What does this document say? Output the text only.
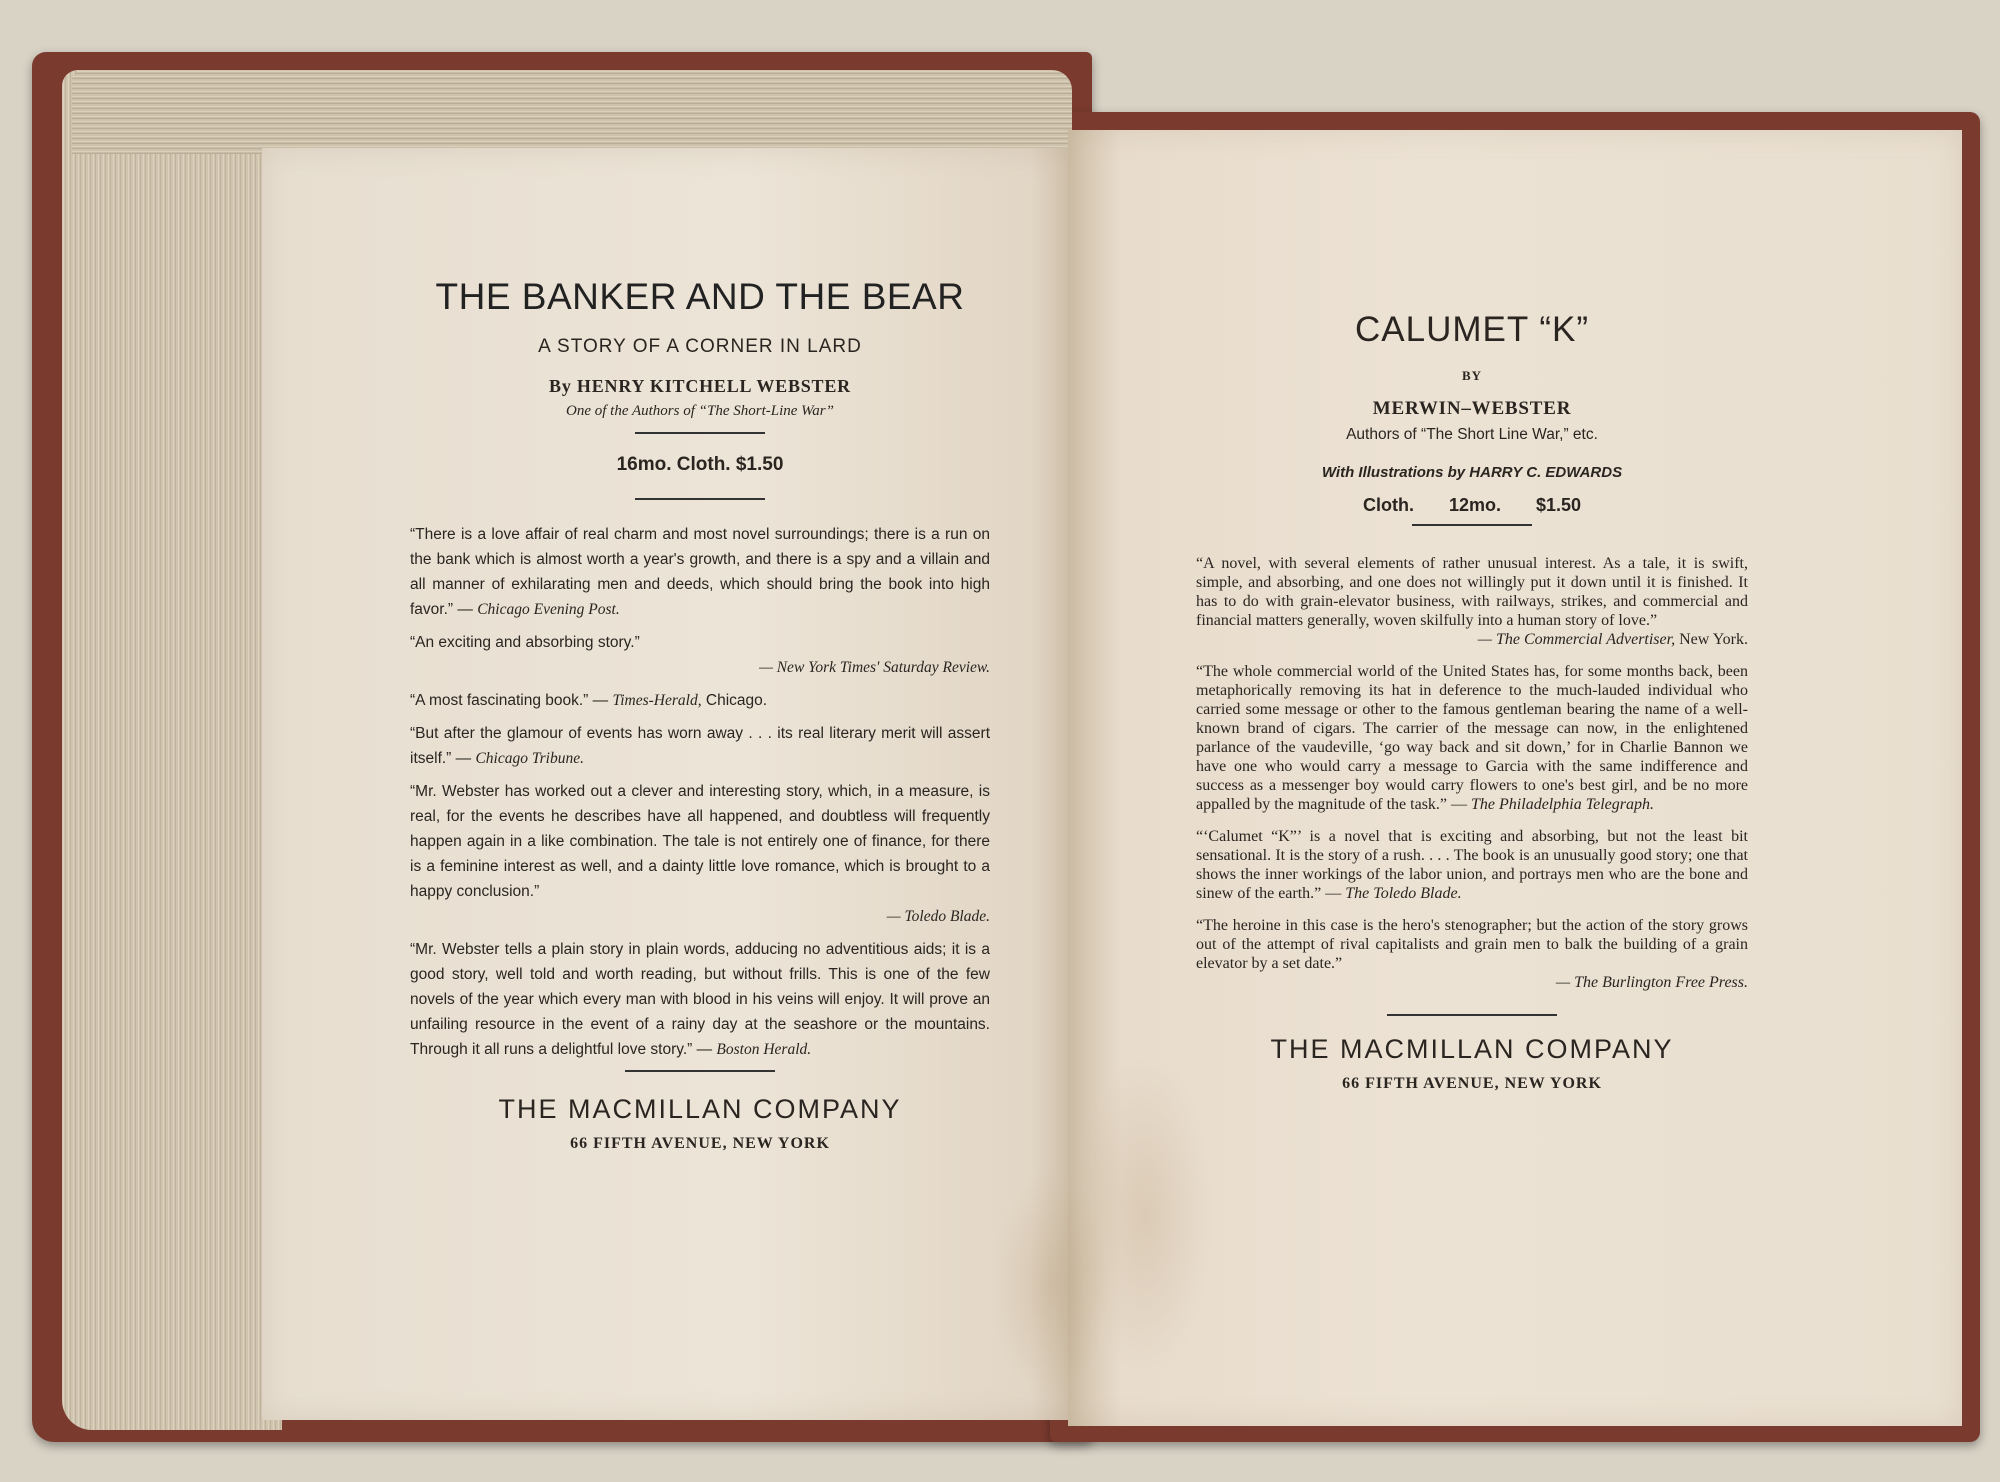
THE BANKER AND THE BEAR
A STORY OF A CORNER IN LARD
By HENRY KITCHELL WEBSTER
One of the Authors of “The Short-Line War”
16mo. Cloth. $1.50

“There is a love affair of real charm and most novel surroundings; there is a run on the bank which is almost worth a year's growth, and there is a spy and a villain and all manner of exhilarating men and deeds, which should bring the book into high favor.” — Chicago Evening Post.

“An exciting and absorbing story.”

— New York Times' Saturday Review.

“A most fascinating book.” — Times-Herald, Chicago.

“But after the glamour of events has worn away . . . its real literary merit will assert itself.” — Chicago Tribune.

“Mr. Webster has worked out a clever and interesting story, which, in a measure, is real, for the events he describes have all happened, and doubtless will frequently happen again in a like combination. The tale is not entirely one of finance, for there is a feminine interest as well, and a dainty little love romance, which is brought to a happy conclusion.”

— Toledo Blade.

“Mr. Webster tells a plain story in plain words, adducing no adventitious aids; it is a good story, well told and worth reading, but without frills. This is one of the few novels of the year which every man with blood in his veins will enjoy. It will prove an unfailing resource in the event of a rainy day at the seashore or the mountains. Through it all runs a delightful love story.” — Boston Herald.

THE MACMILLAN COMPANY
66 FIFTH AVENUE, NEW YORK
CALUMET “K”
BY
MERWIN–WEBSTER
Authors of “The Short Line War,” etc.
With Illustrations by HARRY C. EDWARDS
Cloth. 12mo. $1.50

“A novel, with several elements of rather unusual interest. As a tale, it is swift, simple, and absorbing, and one does not willingly put it down until it is finished. It has to do with grain-elevator business, with railways, strikes, and commercial and financial matters generally, woven skilfully into a human story of love.”

— The Commercial Advertiser, New York.

“The whole commercial world of the United States has, for some months back, been metaphorically removing its hat in deference to the much-lauded individual who carried some message or other to the famous gentleman bearing the name of a well-known brand of cigars. The carrier of the message can now, in the enlightened parlance of the vaudeville, ‘go way back and sit down,’ for in Charlie Bannon we have one who would carry a message to Garcia with the same indifference and success as a messenger boy would carry flowers to one's best girl, and be no more appalled by the magnitude of the task.” — The Philadelphia Telegraph.

“‘Calumet “K”’ is a novel that is exciting and absorbing, but not the least bit sensational. It is the story of a rush. . . . The book is an unusually good story; one that shows the inner workings of the labor union, and portrays men who are the bone and sinew of the earth.” — The Toledo Blade.

“The heroine in this case is the hero's stenographer; but the action of the story grows out of the attempt of rival capitalists and grain men to balk the building of a grain elevator by a set date.”

— The Burlington Free Press.
THE MACMILLAN COMPANY
66 FIFTH AVENUE, NEW YORK
